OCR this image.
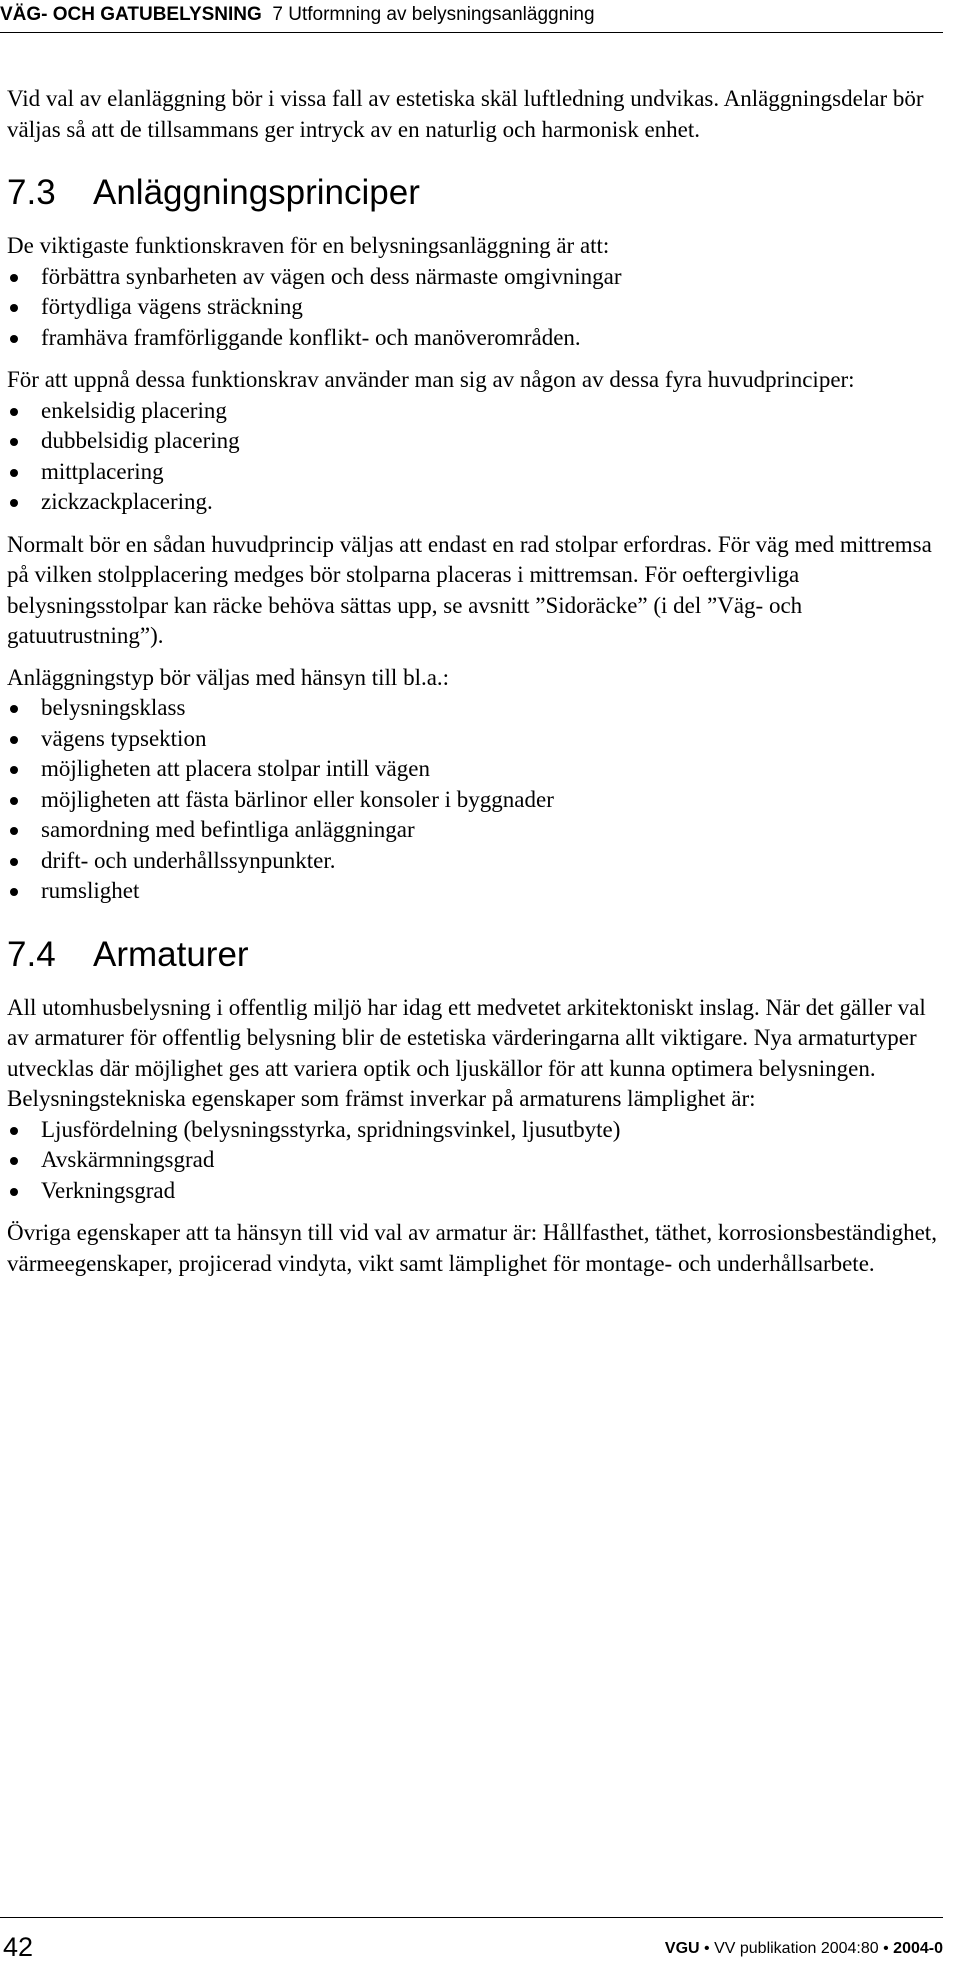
VÄG- OCH GATUBELYSNING 7 Utformning av belysningsanläggning

Vid val av elanläggning bör i vissa fall av estetiska skäl luftledning undvikas. Anläggningsdelar bör väljas så att de tillsammans ger intryck av en naturlig och harmonisk enhet.

7.3 Anläggningsprinciper
De viktigaste funktionskraven för en belysningsanläggning är att:
förbättra synbarheten av vägen och dess närmaste omgivningar
förtydliga vägens sträckning
framhäva framförliggande konflikt- och manöverområden.
För att uppnå dessa funktionskrav använder man sig av någon av dessa fyra huvudprinciper:
enkelsidig placering
dubbelsidig placering
mittplacering
zickzackplacering.

Normalt bör en sådan huvudprincip väljas att endast en rad stolpar erfordras. För väg med mittremsa på vilken stolpplacering medges bör stolparna placeras i mittremsan. För oeftergivliga belysningsstolpar kan räcke behöva sättas upp, se avsnitt ”Sidoräcke” (i del ”Väg- och gatuutrustning”).

Anläggningstyp bör väljas med hänsyn till bl.a.:
belysningsklass
vägens typsektion
möjligheten att placera stolpar intill vägen
möjligheten att fästa bärlinor eller konsoler i byggnader
samordning med befintliga anläggningar
drift- och underhållssynpunkter.
rumslighet
7.4 Armaturer
All utomhusbelysning i offentlig miljö har idag ett medvetet arkitektoniskt inslag. När det gäller val av armaturer för offentlig belysning blir de estetiska värderingarna allt viktigare. Nya armaturtyper utvecklas där möjlighet ges att variera optik och ljuskällor för att kunna optimera belysningen. Belysningstekniska egenskaper som främst inverkar på armaturens lämplighet är:
Ljusfördelning (belysningsstyrka, spridningsvinkel, ljusutbyte)
Avskärmningsgrad
Verkningsgrad

Övriga egenskaper att ta hänsyn till vid val av armatur är: Hållfasthet, täthet, korrosionsbeständighet, värmeegenskaper, projicerad vindyta, vikt samt lämplighet för montage- och underhållsarbete.

42	VGU • VV publikation 2004:80 • 2004-0
